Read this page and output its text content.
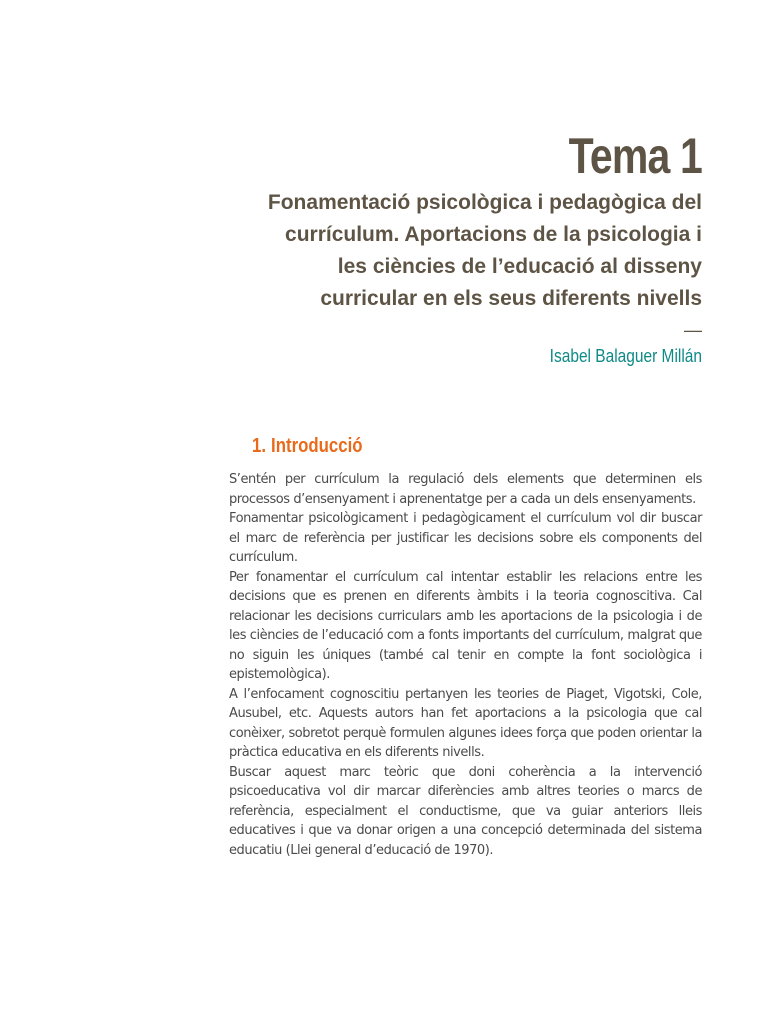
Tema 1
Fonamentació psicològica i pedagògica del
currículum. Aportacions de la psicologia i
les ciències de l’educació al disseny
curricular en els seus diferents nivells
—
Isabel Balaguer Millán
1. Introducció

S’entén per currículum la regulació dels elements que determinen els processos d’ensenyament i aprenentatge per a cada un dels ensenyaments.

Fonamentar psicològicament i pedagògicament el currículum vol dir buscar el marc de referència per justificar les decisions sobre els components del currículum.

Per fonamentar el currículum cal intentar establir les relacions entre les decisions que es prenen en diferents àmbits i la teoria cognoscitiva. Cal relacionar les decisions curriculars amb les aportacions de la psicologia i de les ciències de l’educació com a fonts importants del currículum, malgrat que no siguin les úniques (també cal tenir en compte la font sociològica i epistemològica).

A l’enfocament cognoscitiu pertanyen les teories de Piaget, Vigotski, Cole, Ausubel, etc. Aquests autors han fet aportacions a la psicologia que cal conèixer, sobretot perquè formulen algunes idees força que poden orientar la pràctica educativa en els diferents nivells.

Buscar aquest marc teòric que doni coherència a la intervenció psicoeducativa vol dir marcar diferències amb altres teories o marcs de referència, especialment el conductisme, que va guiar anteriors lleis educatives i que va donar origen a una concepció determinada del sistema educatiu (Llei general d’educació de 1970).
